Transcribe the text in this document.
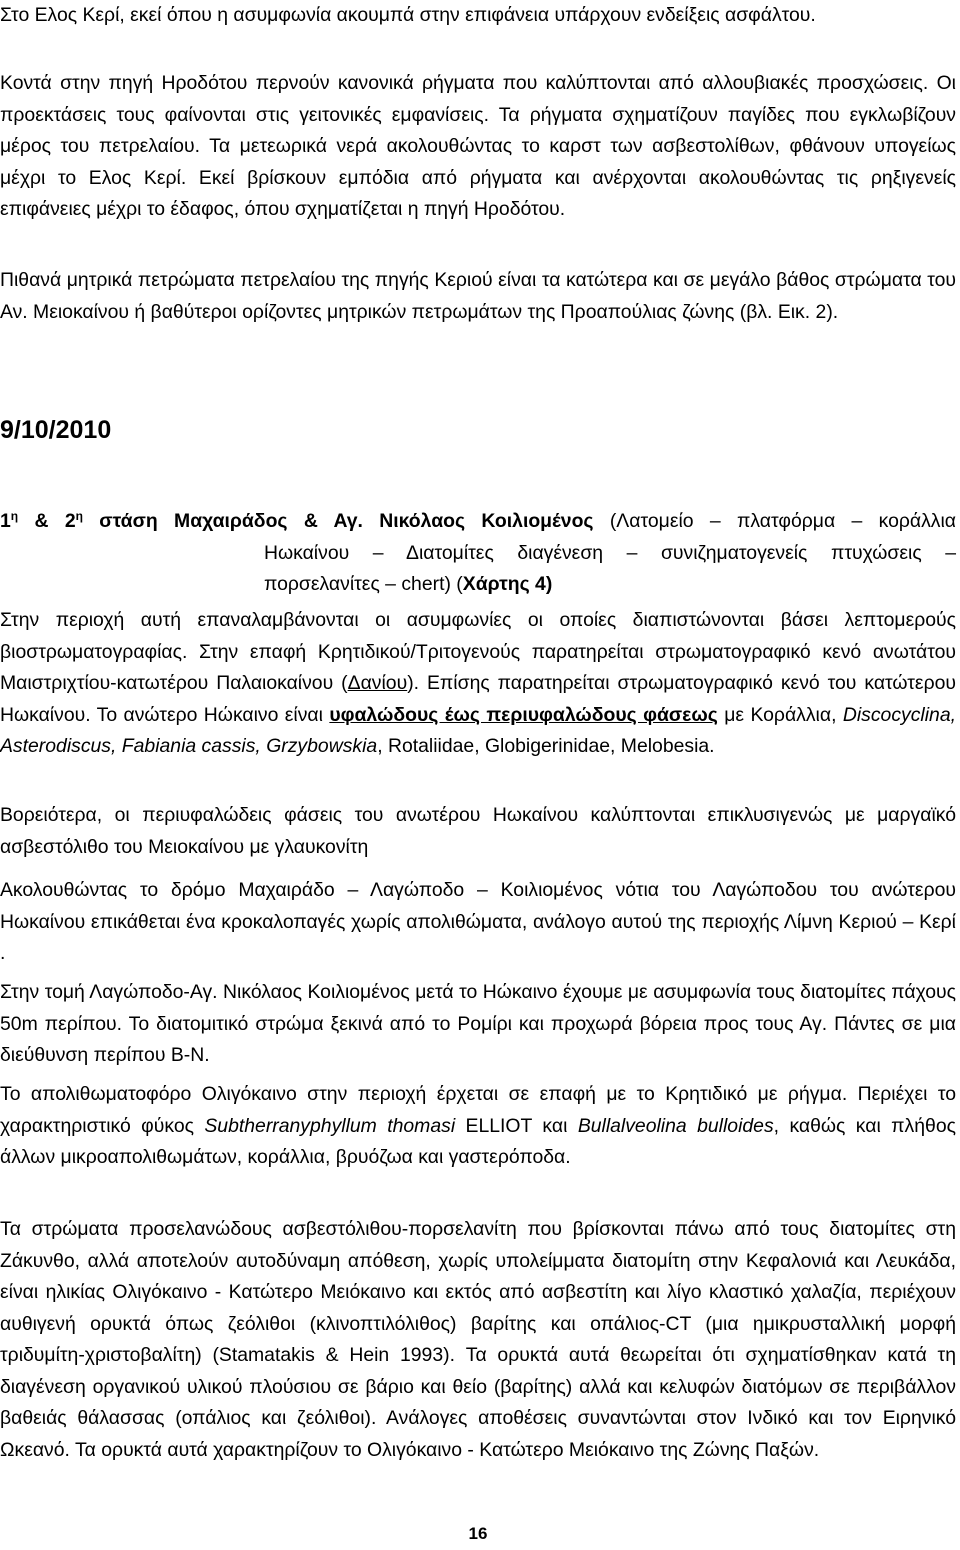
Στο Ελος Κερί, εκεί όπου η ασυμφωνία ακουμπά στην επιφάνεια υπάρχουν ενδείξεις ασφάλτου.

Κοντά στην πηγή Ηροδότου περνούν κανονικά ρήγματα που καλύπτονται από αλλουβιακές προσχώσεις. Οι προεκτάσεις τους φαίνονται στις γειτονικές εμφανίσεις. Τα ρήγματα σχηματίζουν παγίδες που εγκλωβίζουν μέρος του πετρελαίου. Τα μετεωρικά νερά ακολουθώντας το καρστ των ασβεστολίθων, φθάνουν υπογείως μέχρι το Ελος Κερί. Εκεί βρίσκουν εμπόδια από ρήγματα και ανέρχονται ακολουθώντας τις ρηξιγενείς επιφάνειες μέχρι το έδαφος, όπου σχηματίζεται η πηγή Ηροδότου.

Πιθανά μητρικά πετρώματα πετρελαίου της πηγής Κεριού είναι τα κατώτερα και σε μεγάλο βάθος στρώματα του Αν. Μειοκαίνου ή βαθύτεροι ορίζοντες μητρικών πετρωμάτων της Προαπούλιας ζώνης (βλ. Εικ. 2).

9/10/2010

$1^\eta$ & $2^\eta$ στάση Μαχαιράδος & Αγ. Νικόλαος Κοιλιομένος (Λατομείο – πλατφόρμα – κοράλλια
Ηωκαίνου – Διατομίτες διαγένεση – συνιζηματογενείς πτυχώσεις –
πορσελανίτες – chert) (Χάρτης 4)

Στην περιοχή αυτή επαναλαμβάνονται οι ασυμφωνίες οι οποίες διαπιστώνονται βάσει λεπτομερούς βιοστρωματογραφίας. Στην επαφή Κρητιδικού/Τριτογενούς παρατηρείται στρωματογραφικό κενό ανωτάτου Μαιστριχτίου-κατωτέρου Παλαιοκαίνου (Δανίου). Επίσης παρατηρείται στρωματογραφικό κενό του κατώτερου Ηωκαίνου. Το ανώτερο Ηώκαινο είναι υφαλώδους έως περιυφαλώδους φάσεως με Κοράλλια, Discocyclina, Asterodiscus, Fabiania cassis, Grzybowskia, Rotaliidae, Globigerinidae, Melobesia.

Βορειότερα, οι περιυφαλώδεις φάσεις του ανωτέρου Ηωκαίνου καλύπτονται επικλυσιγενώς με μαργαϊκό ασβεστόλιθο του Μειοκαίνου με γλαυκονίτη

Ακολουθώντας το δρόμο Μαχαιράδο – Λαγώποδο – Κοιλιομένος νότια του Λαγώποδου του ανώτερου Ηωκαίνου επικάθεται ένα κροκαλοπαγές χωρίς απολιθώματα, ανάλογο αυτού της περιοχής Λίμνη Κεριού – Κερί .

Στην τομή Λαγώποδο-Αγ. Νικόλαος Κοιλιομένος μετά το Ηώκαινο έχουμε με ασυμφωνία τους διατομίτες πάχους 50m περίπου. Το διατομιτικό στρώμα ξεκινά από το Ρομίρι και προχωρά βόρεια προς τους Αγ. Πάντες σε μια διεύθυνση περίπου Β-Ν.

Το απολιθωματοφόρο Ολιγόκαινο στην περιοχή έρχεται σε επαφή με το Κρητιδικό με ρήγμα. Περιέχει το χαρακτηριστικό φύκος Subtherranyphyllum thomasi ELLIOT και Bullalveolina bulloides, καθώς και πλήθος άλλων μικροαπολιθωμάτων, κοράλλια, βρυόζωα και γαστερόποδα.

Τα στρώματα προσελανώδους ασβεστόλιθου-πορσελανίτη που βρίσκονται πάνω από τους διατομίτες στη Ζάκυνθο, αλλά αποτελούν αυτοδύναμη απόθεση, χωρίς υπολείμματα διατομίτη στην Κεφαλονιά και Λευκάδα, είναι ηλικίας Ολιγόκαινο - Κατώτερο Μειόκαινο και εκτός από ασβεστίτη και λίγο κλαστικό χαλαζία, περιέχουν αυθιγενή ορυκτά όπως ζεόλιθοι (κλινοπτιλόλιθος) βαρίτης και οπάλιος-CT (μια ημικρυσταλλική μορφή τριδυμίτη-χριστοβαλίτη) (Stamatakis & Hein 1993). Τα ορυκτά αυτά θεωρείται ότι σχηματίσθηκαν κατά τη διαγένεση οργανικού υλικού πλούσιου σε βάριο και θείο (βαρίτης) αλλά και κελυφών διατόμων σε περιβάλλον βαθειάς θάλασσας (οπάλιος και ζεόλιθοι). Ανάλογες αποθέσεις συναντώνται στον Ινδικό και τον Ειρηνικό Ωκεανό. Τα ορυκτά αυτά χαρακτηρίζουν το Ολιγόκαινο - Κατώτερο Μειόκαινο της Ζώνης Παξών.

16
